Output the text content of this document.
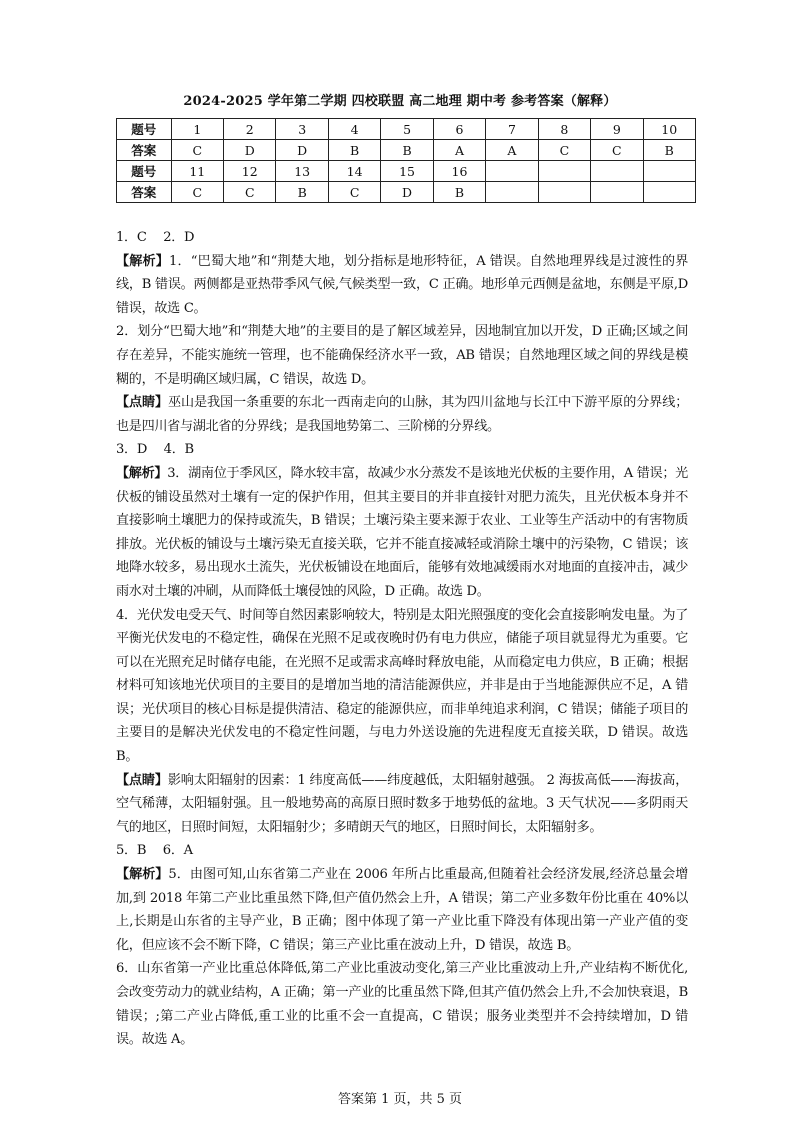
2024-2025 学年第二学期 四校联盟 高二地理 期中考 参考答案（解释）
题号	1	2	3	4	5	6	7	8	9	10
答案	C	D	D	B	B	A	A	C	C	B
题号	11	12	13	14	15	16				
答案	C	C	B	C	D	B				

1．C　 2．D

【解析】1．“巴蜀大地”和“荆楚大地，划分指标是地形特征，A 错误。自然地理界线是过渡性的界线，B 错误。两侧都是亚热带季风气候,气候类型一致，C 正确。地形单元西侧是盆地，东侧是平原,D 错误，故选 C。

2．划分“巴蜀大地”和“荆楚大地”的主要目的是了解区域差异，因地制宜加以开发，D 正确;区域之间存在差异，不能实施统一管理，也不能确保经济水平一致，AB 错误；自然地理区域之间的界线是模糊的，不是明确区域归属，C 错误，故选 D。

【点睛】巫山是我国一条重要的东北一西南走向的山脉，其为四川盆地与长江中下游平原的分界线；也是四川省与湖北省的分界线；是我国地势第二、三阶梯的分界线。

3．D　 4．B

【解析】3．湖南位于季风区，降水较丰富，故减少水分蒸发不是该地光伏板的主要作用，A 错误；光伏板的铺设虽然对土壤有一定的保护作用，但其主要目的并非直接针对肥力流失，且光伏板本身并不直接影响土壤肥力的保持或流失，B 错误；土壤污染主要来源于农业、工业等生产活动中的有害物质排放。光伏板的铺设与土壤污染无直接关联，它并不能直接减轻或消除土壤中的污染物，C 错误；该地降水较多，易出现水土流失，光伏板铺设在地面后，能够有效地减缓雨水对地面的直接冲击，减少雨水对土壤的冲刷，从而降低土壤侵蚀的风险，D 正确。故选 D。

4．光伏发电受天气、时间等自然因素影响较大，特别是太阳光照强度的变化会直接影响发电量。为了平衡光伏发电的不稳定性，确保在光照不足或夜晚时仍有电力供应，储能子项目就显得尤为重要。它可以在光照充足时储存电能，在光照不足或需求高峰时释放电能，从而稳定电力供应，B 正确；根据材料可知该地光伏项目的主要目的是增加当地的清洁能源供应，并非是由于当地能源供应不足，A 错误；光伏项目的核心目标是提供清洁、稳定的能源供应，而非单纯追求利润，C 错误；储能子项目的主要目的是解决光伏发电的不稳定性问题，与电力外送设施的先进程度无直接关联，D 错误。故选 B。

【点睛】影响太阳辐射的因素：1 纬度高低——纬度越低，太阳辐射越强。 2 海拔高低——海拔高，空气稀薄，太阳辐射强。且一般地势高的高原日照时数多于地势低的盆地。3 天气状况——多阴雨天气的地区，日照时间短，太阳辐射少；多晴朗天气的地区，日照时间长，太阳辐射多。

5．B　 6．A

【解析】5．由图可知,山东省第二产业在 2006 年所占比重最高,但随着社会经济发展,经济总量会增加,到 2018 年第二产业比重虽然下降,但产值仍然会上升，A 错误；第二产业多数年份比重在 40%以上,长期是山东省的主导产业，B 正确；图中体现了第一产业比重下降没有体现出第一产业产值的变化，但应该不会不断下降，C 错误；第三产业比重在波动上升，D 错误，故选 B。

6．山东省第一产业比重总体降低,第二产业比重波动变化,第三产业比重波动上升,产业结构不断优化,会改变劳动力的就业结构，A 正确；第一产业的比重虽然下降,但其产值仍然会上升,不会加快衰退，B 错误；;第二产业占降低,重工业的比重不会一直提高，C 错误；服务业类型并不会持续增加，D 错误。故选 A。

答案第 1 页，共 5 页
